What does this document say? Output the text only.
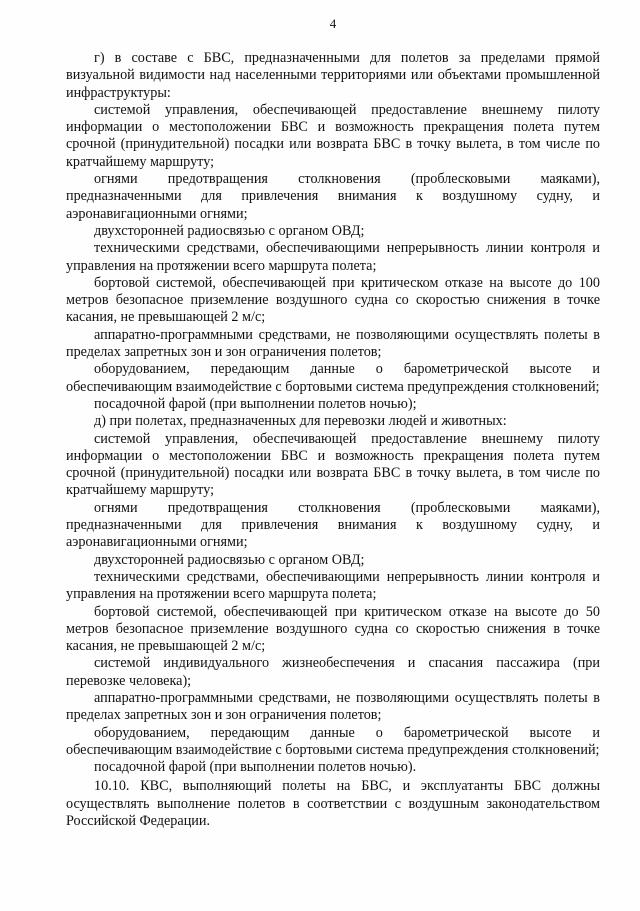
4

г) в составе с БВС, предназначенными для полетов за пределами прямой визуальной видимости над населенными территориями или объектами промышленной инфраструктуры:

системой управления, обеспечивающей предоставление внешнему пилоту информации о местоположении БВС и возможность прекращения полета путем срочной (принудительной) посадки или возврата БВС в точку вылета, в том числе по кратчайшему маршруту;

огнями предотвращения столкновения (проблесковыми маяками), предназначенными для привлечения внимания к воздушному судну, и аэронавигационными огнями;

двухсторонней радиосвязью с органом ОВД;

техническими средствами, обеспечивающими непрерывность линии контроля и управления на протяжении всего маршрута полета;

бортовой системой, обеспечивающей при критическом отказе на высоте до 100 метров безопасное приземление воздушного судна со скоростью снижения в точке касания, не превышающей 2 м/с;

аппаратно-программными средствами, не позволяющими осуществлять полеты в пределах запретных зон и зон ограничения полетов;

оборудованием, передающим данные о барометрической высоте и обеспечивающим взаимодействие с бортовыми система предупреждения столкновений;

посадочной фарой (при выполнении полетов ночью);

д) при полетах, предназначенных для перевозки людей и животных:

системой управления, обеспечивающей предоставление внешнему пилоту информации о местоположении БВС и возможность прекращения полета путем срочной (принудительной) посадки или возврата БВС в точку вылета, в том числе по кратчайшему маршруту;

огнями предотвращения столкновения (проблесковыми маяками), предназначенными для привлечения внимания к воздушному судну, и аэронавигационными огнями;

двухсторонней радиосвязью с органом ОВД;

техническими средствами, обеспечивающими непрерывность линии контроля и управления на протяжении всего маршрута полета;

бортовой системой, обеспечивающей при критическом отказе на высоте до 50 метров безопасное приземление воздушного судна со скоростью снижения в точке касания, не превышающей 2 м/с;

системой индивидуального жизнеобеспечения и спасания пассажира (при перевозке человека);

аппаратно-программными средствами, не позволяющими осуществлять полеты в пределах запретных зон и зон ограничения полетов;

оборудованием, передающим данные о барометрической высоте и обеспечивающим взаимодействие с бортовыми система предупреждения столкновений;

посадочной фарой (при выполнении полетов ночью).

10.10. КВС, выполняющий полеты на БВС, и эксплуатанты БВС должны осуществлять выполнение полетов в соответствии с воздушным законодательством Российской Федерации.
